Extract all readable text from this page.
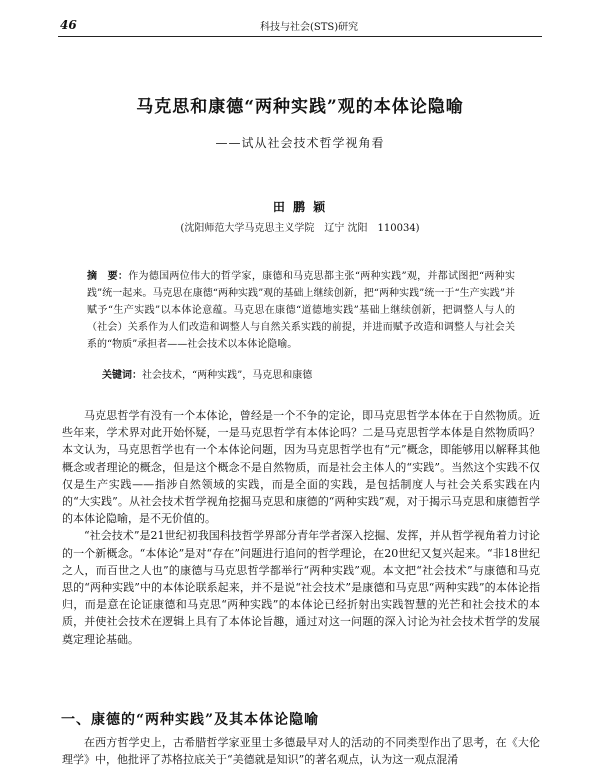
46	科技与社会(STS)研究
马克思和康德“两种实践”观的本体论隐喻
——试从社会技术哲学视角看
田 鹏 颖
(沈阳师范大学马克思主义学院　辽宁 沈阳　110034)
摘　要：作为德国两位伟大的哲学家，康德和马克思都主张“两种实践”观，并都试图把“两种实践”统一起来。马克思在康德“两种实践”观的基础上继续创新，把“两种实践”统一于“生产实践”并赋予“生产实践”以本体论意蕴。马克思在康德“道德地实践”基础上继续创新，把调整人与人的（社会）关系作为人们改造和调整人与自然关系实践的前提，并进而赋予改造和调整人与社会关系的“物质”承担者——社会技术以本体论隐喻。
关键词：社会技术，“两种实践”，马克思和康德

马克思哲学有没有一个本体论，曾经是一个不争的定论，即马克思哲学本体在于自然物质。近些年来，学术界对此开始怀疑，一是马克思哲学有本体论吗？二是马克思哲学本体是自然物质吗？本文认为，马克思哲学也有一个本体论问题，因为马克思哲学也有“元”概念，即能够用以解释其他概念或者理论的概念，但是这个概念不是自然物质，而是社会主体人的“实践”。当然这个实践不仅仅是生产实践——指涉自然领域的实践，而是全面的实践，是包括制度人与社会关系实践在内的“大实践”。从社会技术哲学视角挖掘马克思和康德的“两种实践”观，对于揭示马克思和康德哲学的本体论隐喻，是不无价值的。

“社会技术”是21世纪初我国科技哲学界部分青年学者深入挖掘、发挥，并从哲学视角着力讨论的一个新概念。“本体论”是对“存在”问题进行追问的哲学理论，在20世纪又复兴起来。“非18世纪之人，而百世之人也”的康德与马克思哲学都举行“两种实践”观。本文把“社会技术”与康德和马克思的“两种实践”中的本体论联系起来，并不是说“社会技术”是康德和马克思“两种实践”的本体论指归，而是意在论证康德和马克思“两种实践”的本体论已经折射出实践智慧的光芒和社会技术的本质，并使社会技术在逻辑上具有了本体论旨趣，通过对这一问题的深入讨论为社会技术哲学的发展奠定理论基础。

一、康德的“两种实践”及其本体论隐喻

在西方哲学史上，古希腊哲学家亚里士多德最早对人的活动的不同类型作出了思考，在《大伦理学》中，他批评了苏格拉底关于“美德就是知识”的著名观点，认为这一观点混淆
